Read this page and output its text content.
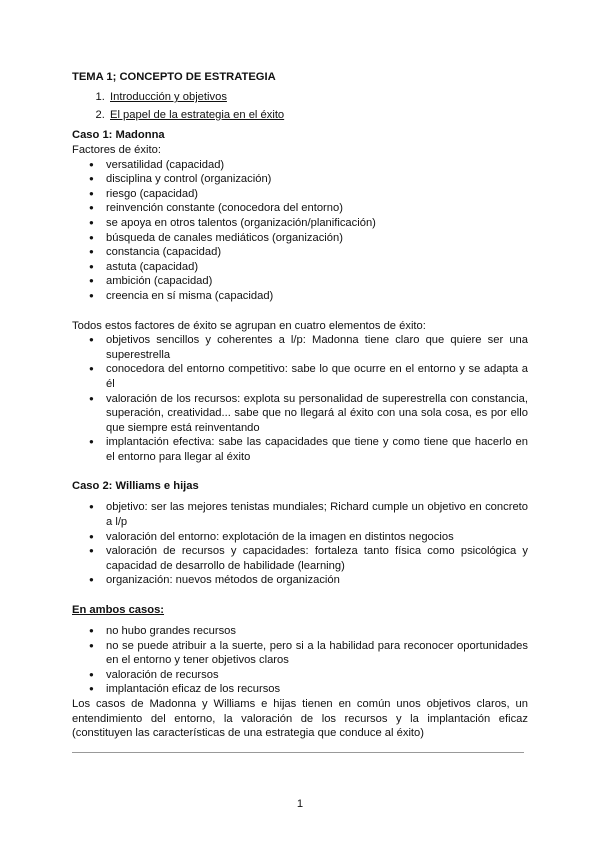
TEMA 1; CONCEPTO DE ESTRATEGIA
1. Introducción y objetivos
2. El papel de la estrategia en el éxito
Caso 1: Madonna

Factores de éxito:

● versatilidad (capacidad)
● disciplina y control (organización)
● riesgo (capacidad)
● reinvención constante (conocedora del entorno)
● se apoya en otros talentos (organización/planificación)
● búsqueda de canales mediáticos (organización)
● constancia (capacidad)
● astuta (capacidad)
● ambición (capacidad)
● creencia en sí misma (capacidad)

Todos estos factores de éxito se agrupan en cuatro elementos de éxito:

● objetivos sencillos y coherentes a l/p: Madonna tiene claro que quiere ser una superestrella
● conocedora del entorno competitivo: sabe lo que ocurre en el entorno y se adapta a él
● valoración de los recursos: explota su personalidad de superestrella con constancia, superación, creatividad... sabe que no llegará al éxito con una sola cosa, es por ello que siempre está reinventando
● implantación efectiva: sabe las capacidades que tiene y como tiene que hacerlo en el entorno para llegar al éxito
Caso 2: Williams e hijas
● objetivo: ser las mejores tenistas mundiales; Richard cumple un objetivo en concreto a l/p
● valoración del entorno: explotación de la imagen en distintos negocios
● valoración de recursos y capacidades: fortaleza tanto física como psicológica y capacidad de desarrollo de habilidade (learning)
● organización: nuevos métodos de organización
En ambos casos:
● no hubo grandes recursos
● no se puede atribuir a la suerte, pero si a la habilidad para reconocer oportunidades en el entorno y tener objetivos claros
● valoración de recursos
● implantación eficaz de los recursos

Los casos de Madonna y Williams e hijas tienen en común unos objetivos claros, un entendimiento del entorno, la valoración de los recursos y la implantación eficaz (constituyen las características de una estrategia que conduce al éxito)

1
